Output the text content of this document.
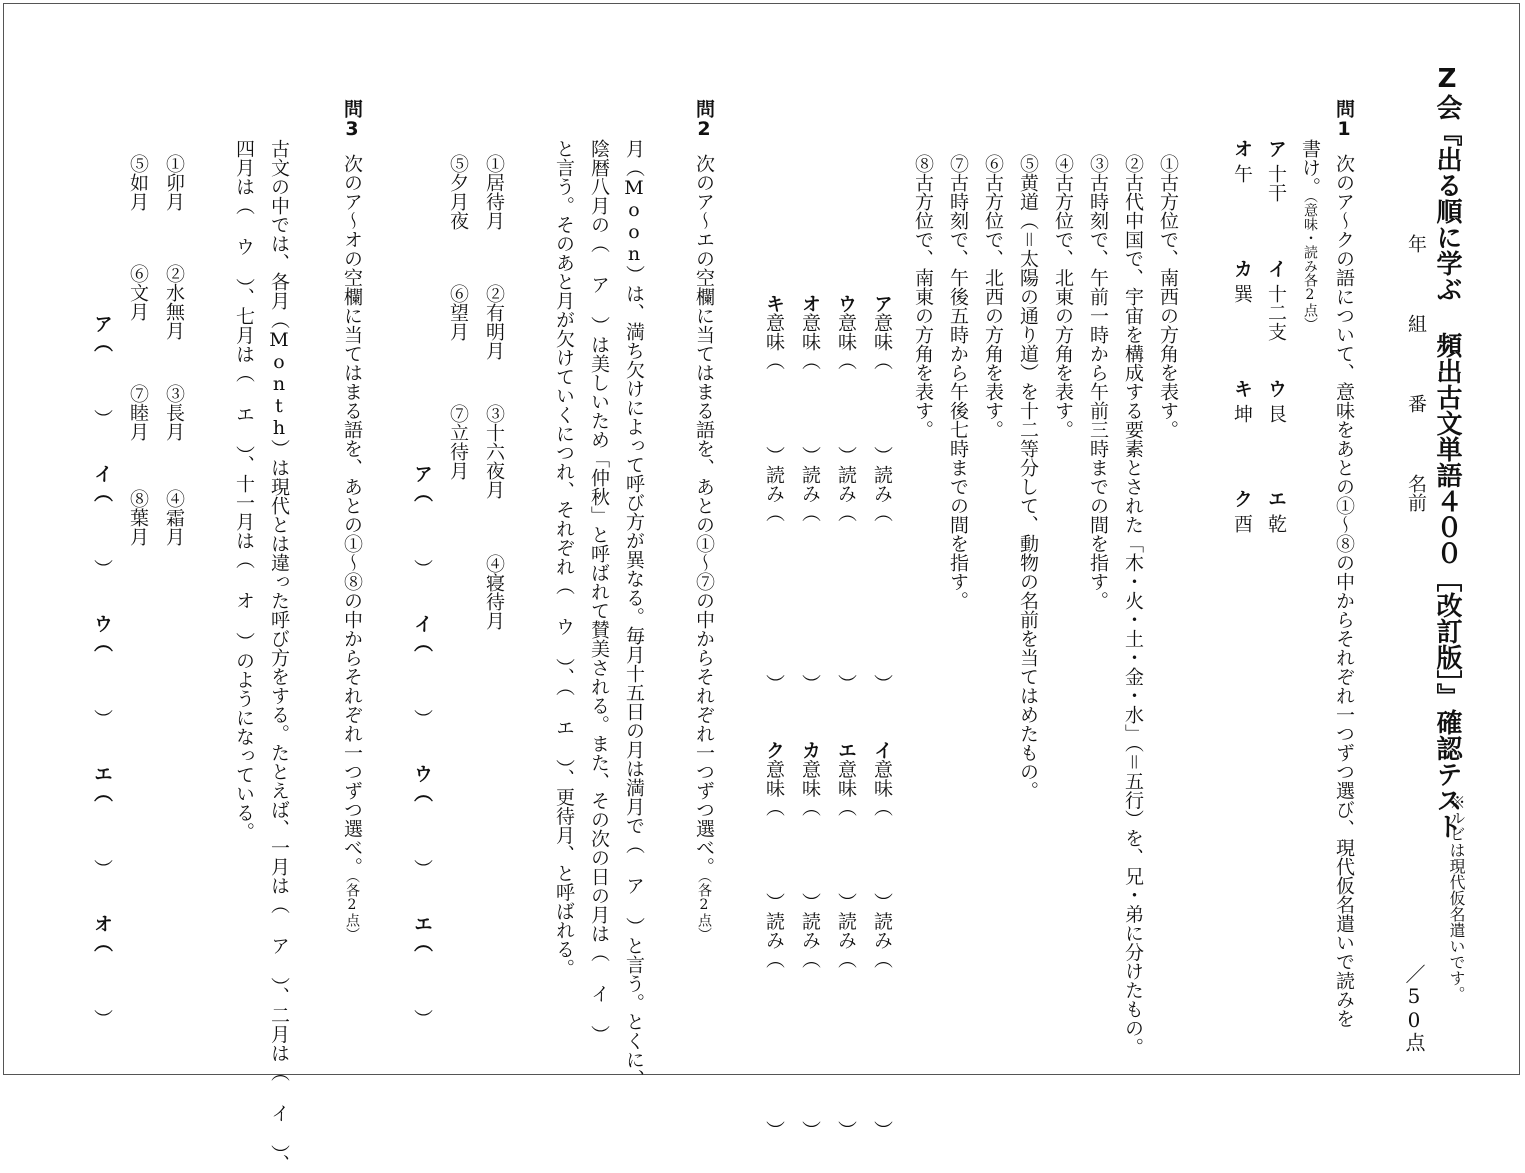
Z会『出る順に学ぶ 頻出古文単語４００［改訂版］』確認テスト
※ルビは現代仮名遣いです。
／50点
年
組
番
名前
問1
次のア〜クの語について、意味をあとの①〜⑧の中からそれぞれ一つずつ選び、現代仮名遣いで読みを
書け。（意味・読み各2点）
ア
十干
イ
十二支
ウ
艮
エ
乾
オ
午
カ
巽
キ
坤
ク
酉
①古方位で、南西の方角を表す。
②古代中国で、宇宙を構成する要素とされた「木・火・土・金・水」（＝五行）を、兄・弟に分けたもの。
③古時刻で、午前一時から午前三時までの間を指す。
④古方位で、北東の方角を表す。
⑤黄道（＝太陽の通り道）を十二等分して、動物の名前を当てはめたもの。
⑥古方位で、北西の方角を表す。
⑦古時刻で、午後五時から午後七時までの間を指す。
⑧古方位で、南東の方角を表す。
ア意味（　　　　）読み（　　　　　　　　）　　　イ意味（　　　　）読み（　　　　　　　　）
ウ意味（　　　　）読み（　　　　　　　　）　　　エ意味（　　　　）読み（　　　　　　　　）
オ意味（　　　　）読み（　　　　　　　　）　　　カ意味（　　　　）読み（　　　　　　　　）
キ意味（　　　　）読み（　　　　　　　　）　　　ク意味（　　　　）読み（　　　　　　　　）
問2
次のア〜エの空欄に当てはまる語を、あとの①〜⑦の中からそれぞれ一つずつ選べ。（各2点）
月（Moon）は、満ち欠けによって呼び方が異なる。毎月十五日の月は満月で（ ア ）と言う。とくに、
陰暦八月の（ ア ）は美しいため「仲秋」と呼ばれて賛美される。また、その次の日の月は（ イ ）
と言う。そのあと月が欠けていくにつれ、それぞれ（ ウ ）、（ エ ）、更待月、と呼ばれる。
①居待月
②有明月
③十六夜月
④寝待月
⑤夕月夜
⑥望月
⑦立待月
ア（　　　）
イ（　　　）
ウ（　　　）
エ（　　　）
問3
次のア〜オの空欄に当てはまる語を、あとの①〜⑧の中からそれぞれ一つずつ選べ。（各2点）
古文の中では、各月（Month）は現代とは違った呼び方をする。たとえば、一月は（ ア ）、二月は（ イ ）、
四月は（ ウ ）、七月は（ エ ）、十一月は（ オ ）のようになっている。
①卯月
②水無月
③長月
④霜月
⑤如月
⑥文月
⑦睦月
⑧葉月
ア（　　　）
イ（　　　）
ウ（　　　）
エ（　　　）
オ（　　　）
